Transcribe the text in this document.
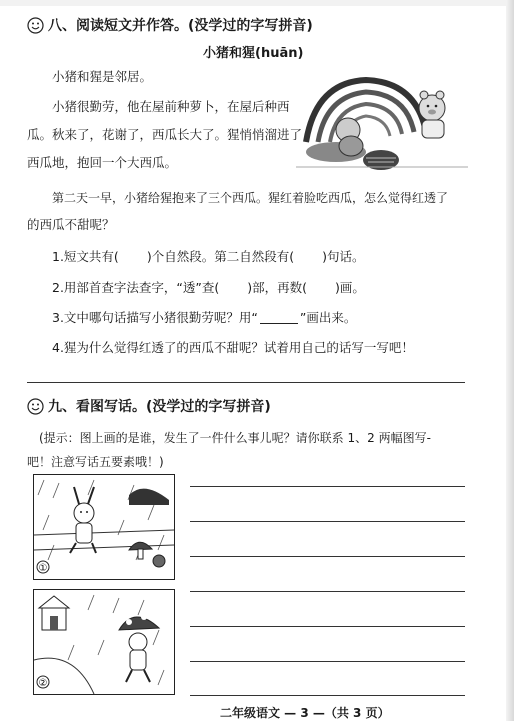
八、阅读短文并作答。(没学过的字写拼音)
小猪和猩(huān)
小猪和猩是邻居。
小猪很勤劳，他在屋前种萝卜，在屋后种西
瓜。秋来了，花谢了，西瓜长大了。猩悄悄溜进了
西瓜地，抱回一个大西瓜。
第二天一早，小猪给猩抱来了三个西瓜。猩红着脸吃西瓜，怎么觉得红透了
的西瓜不甜呢？
1.短文共有( )个自然段。第二自然段有( )句话。
2.用部首查字法查字，“透”查( )部，再数( )画。
3.文中哪句话描写小猪很勤劳呢？用“	”画出来。
4.猩为什么觉得红透了的西瓜不甜呢？试着用自己的话写一写吧！
九、看图写话。(没学过的字写拼音)
(提示：图上画的是谁，发生了一件什么事儿呢？请你联系 1、2 两幅图写-
吧！注意写话五要素哦！)
①
②
二年级语文 — 3 —（共 3 页）
